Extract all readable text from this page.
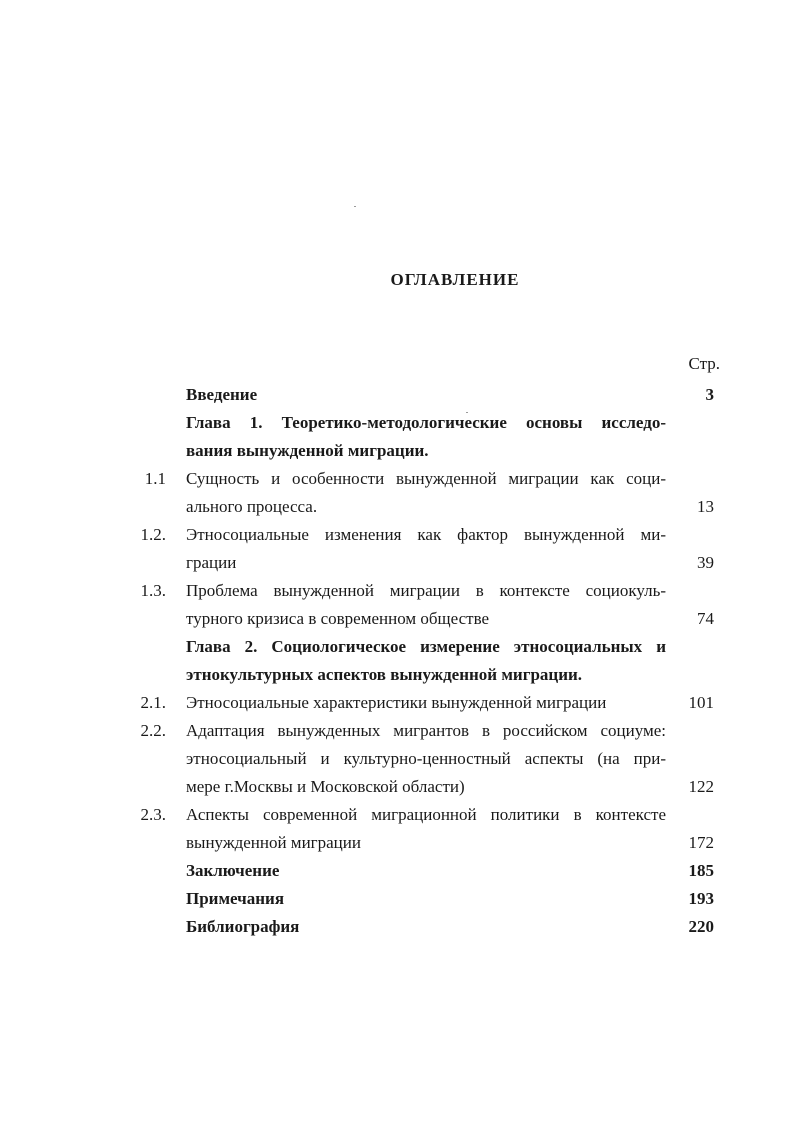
ОГЛАВЛЕНИЕ
Стр.
Введение	3
Глава 1. Теоретико-методологические основы исследо-
вания вынужденной миграции.
1.1 Сущность и особенности вынужденной миграции как соци-
ального процесса.	13
1.2. Этносоциальные изменения как фактор вынужденной ми-
грации	39
1.3. Проблема вынужденной миграции в контексте социокуль-
турного кризиса в современном обществе	74
Глава 2. Социологическое измерение этносоциальных и
этнокультурных аспектов вынужденной миграции.
2.1. Этносоциальные характеристики вынужденной миграции	101
2.2. Адаптация вынужденных мигрантов в российском социуме:
этносоциальный и культурно-ценностный аспекты (на при-
мере г.Москвы и Московской области)	122
2.3. Аспекты современной миграционной политики в контексте
вынужденной миграции	172
Заключение	185
Примечания	193
Библиография	220
